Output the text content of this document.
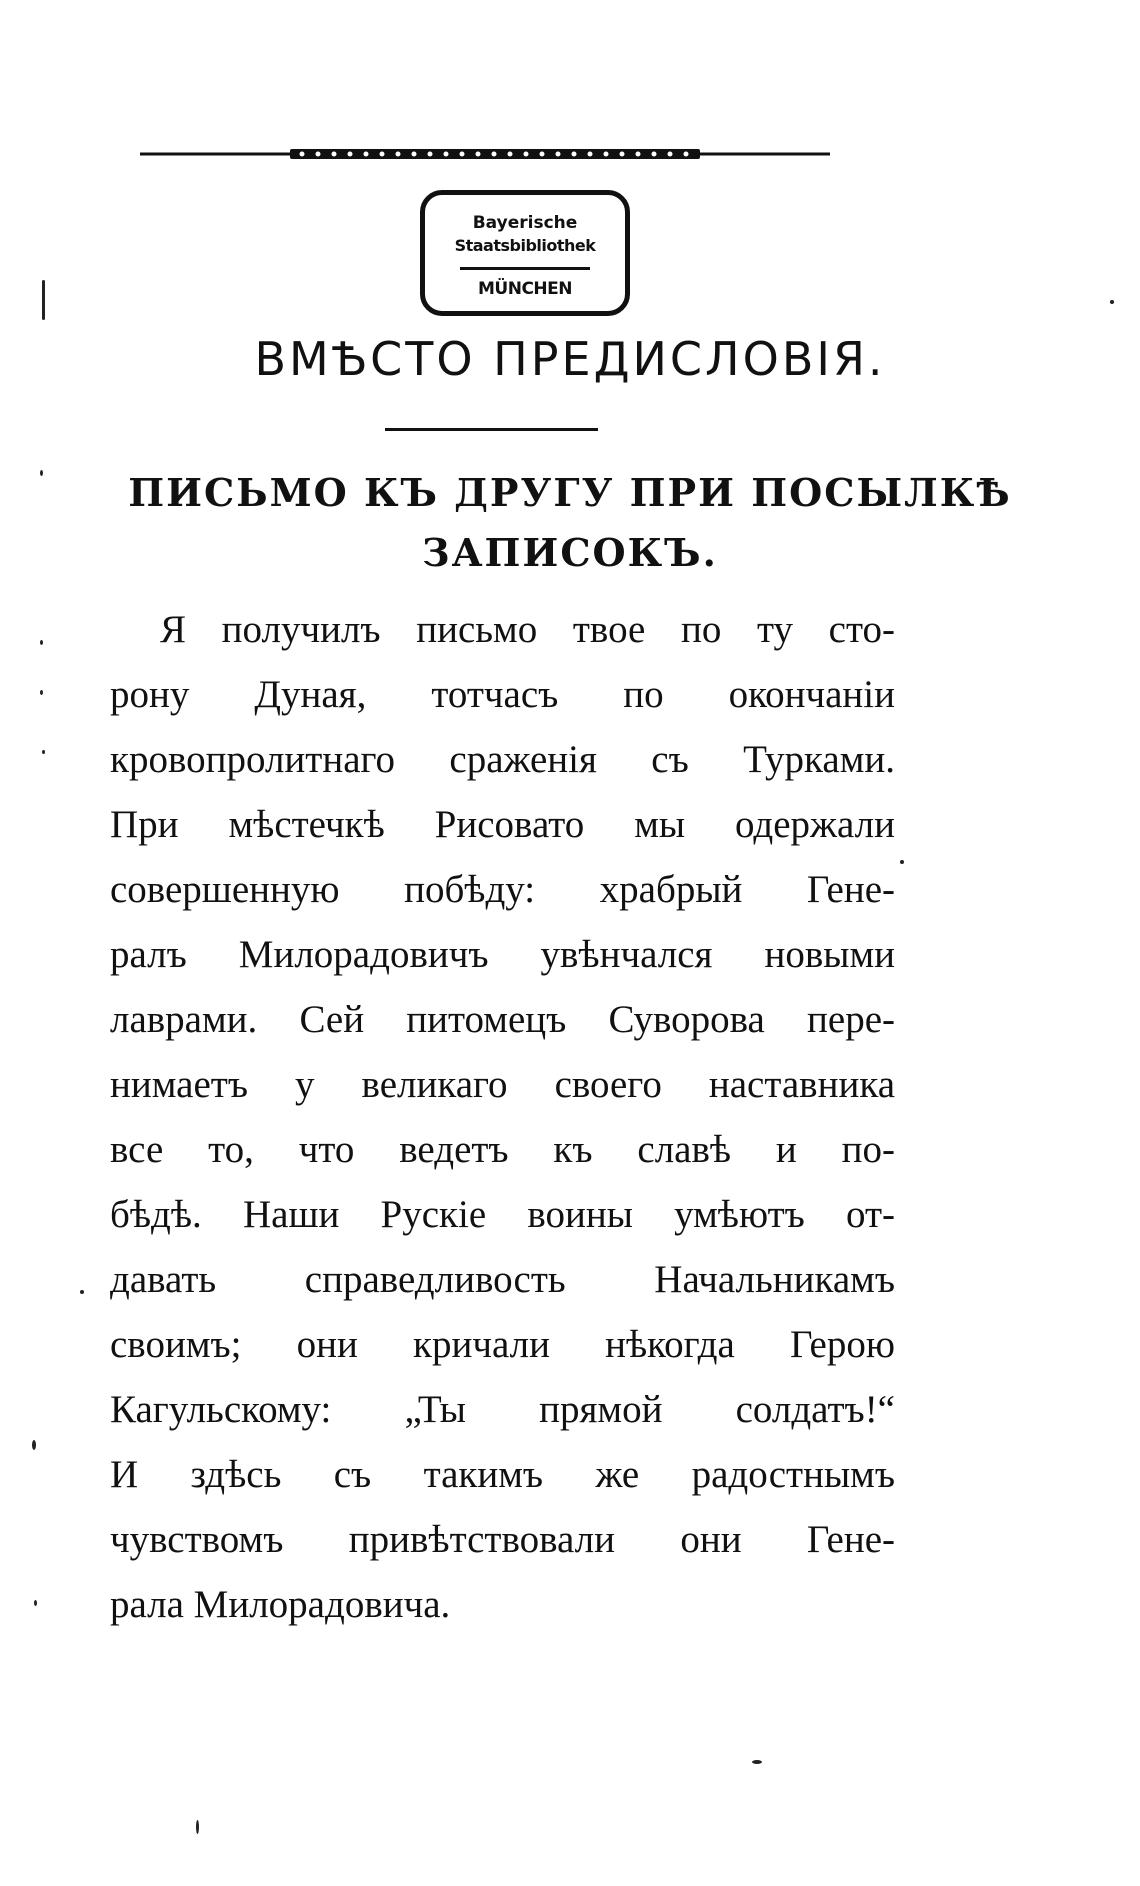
Bayerische
Staatsbibliothek
MÜNCHEN
ВМѢСТО ПРЕДИСЛОВІЯ.
ПИСЬМО КЪ ДРУГУ ПРИ ПОСЫЛКѢ
ЗАПИСОКЪ.
Я получилъ письмо твое по ту сто-
рону Дуная, тотчасъ по окончаніи
кровопролитнаго сраженія съ Турками.
При мѣстечкѣ Рисовато мы одержали
совершенную побѣду: храбрый Гене-
ралъ Милорадовичъ увѣнчался новыми
лаврами. Сей питомецъ Суворова пере-
нимаетъ у великаго своего наставника
все то, что ведетъ къ славѣ и по-
бѣдѣ. Наши Рускіе воины умѣютъ от-
давать справедливость Начальникамъ
своимъ; они кричали нѣкогда Герою
Кагульскому: „Ты прямой солдатъ!“
И здѣсь съ такимъ же радостнымъ
чувствомъ привѣтствовали они Гене-
рала Милорадовича.
